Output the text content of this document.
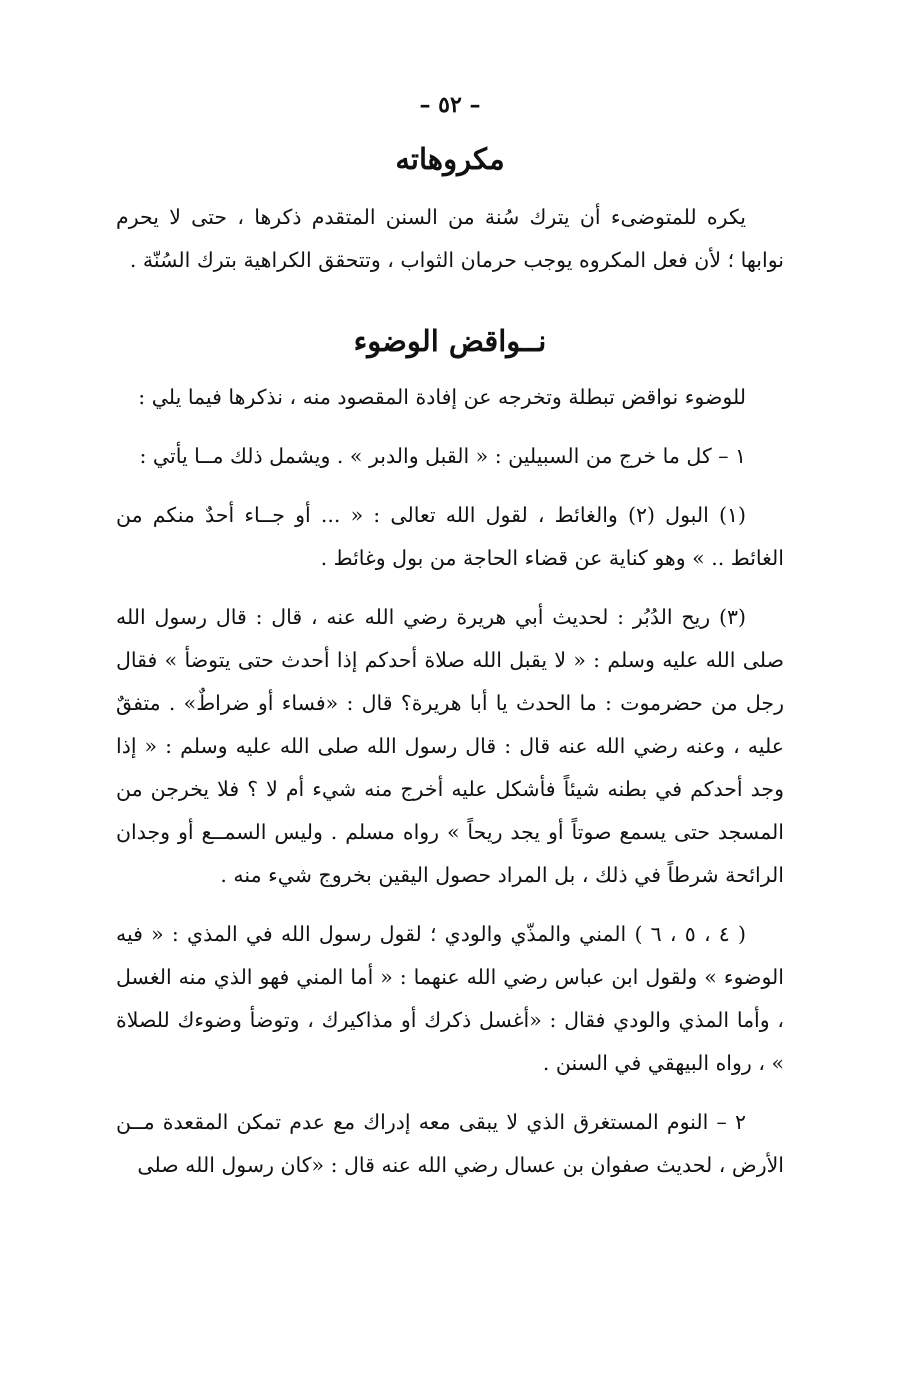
– ٥٢ –
مكروهاته

يكره للمتوضىء أن يترك سُنة من السنن المتقدم ذكرها ، حتى لا يحرم نوابها ؛ لأن فعل المكروه يوجب حرمان الثواب ، وتتحقق الكراهية بترك السُنّة .

نــواقض الوضوء

للوضوء نواقض تبطلة وتخرجه عن إفادة المقصود منه ، نذكرها فيما يلي :

١ – كل ما خرج من السبيلين : « القبل والدبر » . ويشمل ذلك مــا يأتي :

(١) البول (٢) والغائط ، لقول الله تعالى : « ... أو جــاء أحدٌ منكم من الغائط .. » وهو كناية عن قضاء الحاجة من بول وغائط .

(٣) ريح الدُبُر : لحديث أبي هريرة رضي الله عنه ، قال : قال رسول الله صلى الله عليه وسلم : « لا يقبل الله صلاة أحدكم إذا أحدث حتى يتوضأ » فقال رجل من حضرموت : ما الحدث يا أبا هريرة؟ قال : «فساء أو ضراطٌ» . متفقٌ عليه ، وعنه رضي الله عنه قال : قال رسول الله صلى الله عليه وسلم : « إذا وجد أحدكم في بطنه شيئاً فأشكل عليه أخرج منه شيء أم لا ؟ فلا يخرجن من المسجد حتى يسمع صوتاً أو يجد ريحاً » رواه مسلم . وليس السمــع أو وجدان الرائحة شرطاً في ذلك ، بل المراد حصول اليقين بخروج شيء منه .

( ٤ ، ٥ ، ٦ ) المني والمذّي والودي ؛ لقول رسول الله في المذي : « فيه الوضوء » ولقول ابن عباس رضي الله عنهما : « أما المني فهو الذي منه الغسل ، وأما المذي والودي فقال : «أغسل ذكرك أو مذاكيرك ، وتوضأ وضوءك للصلاة » ، رواه البيهقي في السنن .

٢ – النوم المستغرق الذي لا يبقى معه إدراك مع عدم تمكن المقعدة مــن الأرض ، لحديث صفوان بن عسال رضي الله عنه قال : «كان رسول الله صلى
